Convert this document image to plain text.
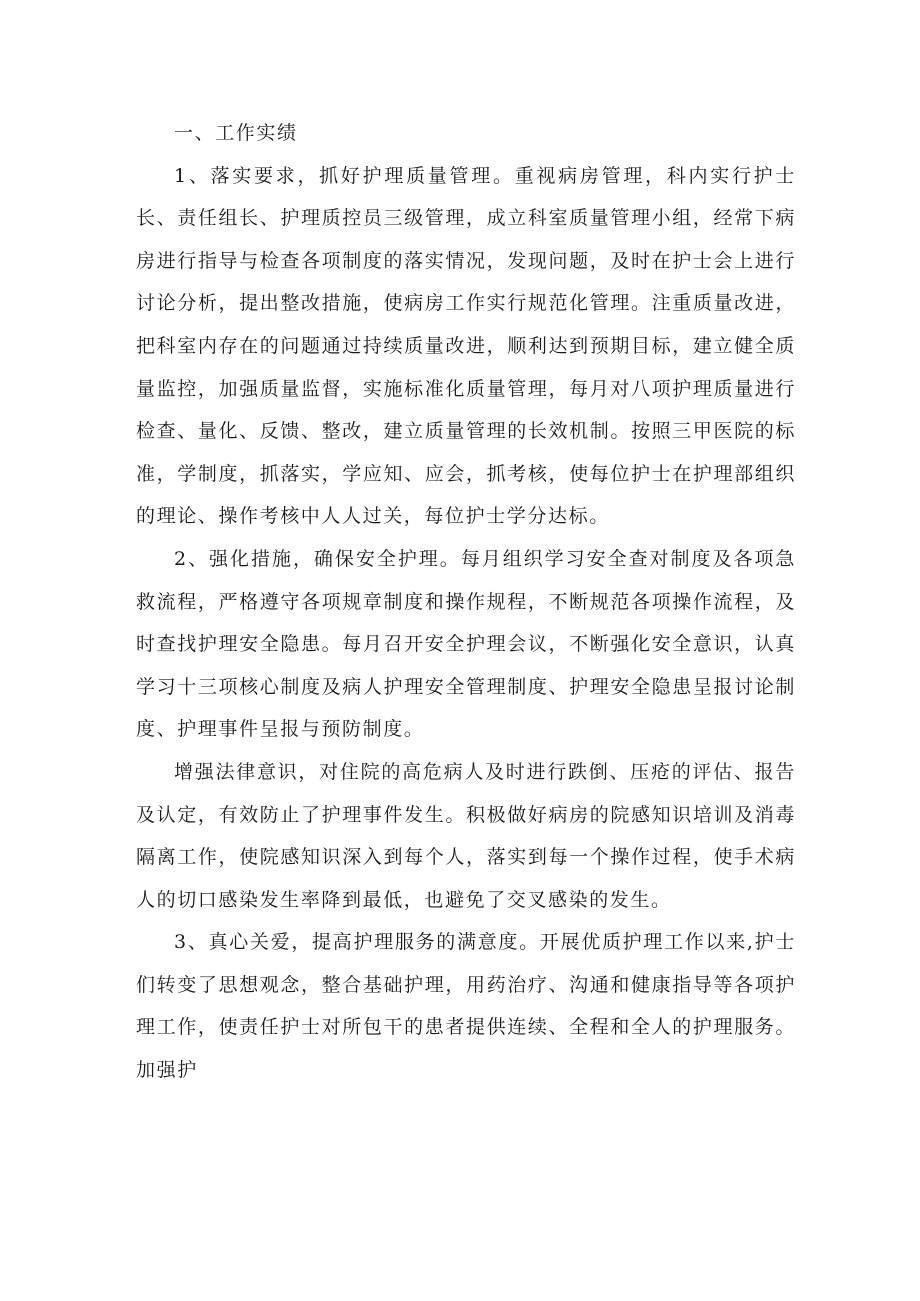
一、工作实绩

1、落实要求，抓好护理质量管理。重视病房管理，科内实行护士长、责任组长、护理质控员三级管理，成立科室质量管理小组，经常下病房进行指导与检查各项制度的落实情况，发现问题，及时在护士会上进行讨论分析，提出整改措施，使病房工作实行规范化管理。注重质量改进，把科室内存在的问题通过持续质量改进，顺利达到预期目标，建立健全质量监控，加强质量监督，实施标准化质量管理，每月对八项护理质量进行检查、量化、反馈、整改，建立质量管理的长效机制。按照三甲医院的标准，学制度，抓落实，学应知、应会，抓考核，使每位护士在护理部组织的理论、操作考核中人人过关，每位护士学分达标。

2、强化措施，确保安全护理。每月组织学习安全查对制度及各项急救流程，严格遵守各项规章制度和操作规程，不断规范各项操作流程，及时查找护理安全隐患。每月召开安全护理会议，不断强化安全意识，认真学习十三项核心制度及病人护理安全管理制度、护理安全隐患呈报讨论制度、护理事件呈报与预防制度。

增强法律意识，对住院的高危病人及时进行跌倒、压疮的评估、报告及认定，有效防止了护理事件发生。积极做好病房的院感知识培训及消毒隔离工作，使院感知识深入到每个人，落实到每一个操作过程，使手术病人的切口感染发生率降到最低，也避免了交叉感染的发生。

3、真心关爱，提高护理服务的满意度。开展优质护理工作以来,护士们转变了思想观念，整合基础护理，用药治疗、沟通和健康指导等各项护理工作，使责任护士对所包干的患者提供连续、全程和全人的护理服务。加强护
